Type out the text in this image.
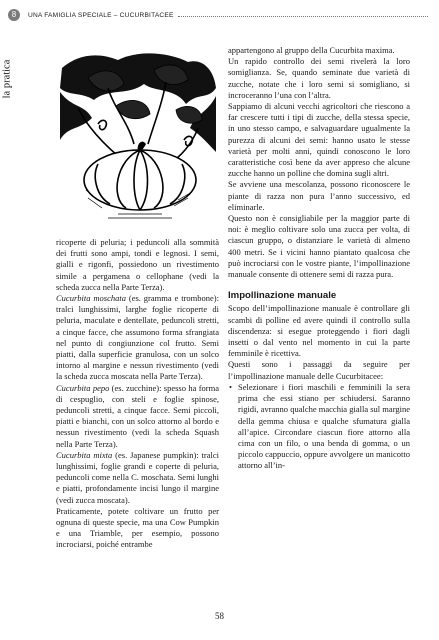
8	UNA FAMIGLIA SPECIALE – CUCURBITACEE
la pratica

ricoperte di peluria; i peduncoli alla sommità dei frutti sono ampi, tondi e legnosi. I semi, gialli e rigonfi, possiedono un rivestimento simile a pergamena o cellophane (vedi la scheda zucca nella Parte Terza).

Cucurbita moschata (es. gramma e trombone): tralci lunghissimi, larghe foglie ricoperte di peluria, maculate e dentellate, peduncoli stretti, a cinque facce, che assumono forma sfrangiata nel punto di congiunzione col frutto. Semi piatti, dalla superficie granulosa, con un solco intorno al margine e nessun rivestimento (vedi la scheda zucca moscata nella Parte Terza).

Cucurbita pepo (es. zucchine): spesso ha forma di cespuglio, con steli e foglie spinose, peduncoli stretti, a cinque facce. Semi piccoli, piatti e bianchi, con un solco attorno al bordo e nessun rivestimento (vedi la scheda Squash nella Parte Terza).

Cucurbita mixta (es. Japanese pumpkin): tralci lunghissimi, foglie grandi e coperte di peluria, peduncoli come nella C. moschata. Semi lunghi e piatti, profondamente incisi lungo il margine (vedi zucca moscata).

Praticamente, potete coltivare un frutto per ognuna di queste specie, ma una Cow Pumpkin e una Triamble, per esempio, possono incrociarsi, poiché entrambe

appartengono al gruppo della Cucurbita maxima.

Un rapido controllo dei semi rivelerà la loro somiglianza. Se, quando seminate due varietà di zucche, notate che i loro semi si somigliano, si incroceranno l’una con l’altra.

Sappiamo di alcuni vecchi agricoltori che riescono a far crescere tutti i tipi di zucche, della stessa specie, in uno stesso campo, e salvaguardare ugualmente la purezza di alcuni dei semi: hanno usato le stesse varietà per molti anni, quindi conoscono le loro caratteristiche così bene da aver appreso che alcune zucche hanno un polline che domina sugli altri.

Se avviene una mescolanza, possono riconoscere le piante di razza non pura l’anno successivo, ed eliminarle.

Questo non è consigliabile per la maggior parte di noi: è meglio coltivare solo una zucca per volta, di ciascun gruppo, o distanziare le varietà di almeno 400 metri. Se i vicini hanno piantato qualcosa che può incrociarsi con le vostre piante, l’impollinazione manuale consente di ottenere semi di razza pura.

Impollinazione manuale

Scopo dell’impollinazione manuale è controllare gli scambi di polline ed avere quindi il controllo sulla discendenza: si esegue proteggendo i fiori dagli insetti o dal vento nel momento in cui la parte femminile è ricettiva.

Questi sono i passaggi da seguire per l’impollinazione manuale delle Cucurbitacee:

• Selezionare i fiori maschili e femminili la sera prima che essi stiano per schiudersi. Saranno rigidi, avranno qualche macchia gialla sul margine della gemma chiusa e qualche sfumatura gialla all’apice. Circondare ciascun fiore attorno alla cima con un filo, o una benda di gomma, o un piccolo cappuccio, oppure avvolgere un manicotto attorno all’in-

58
